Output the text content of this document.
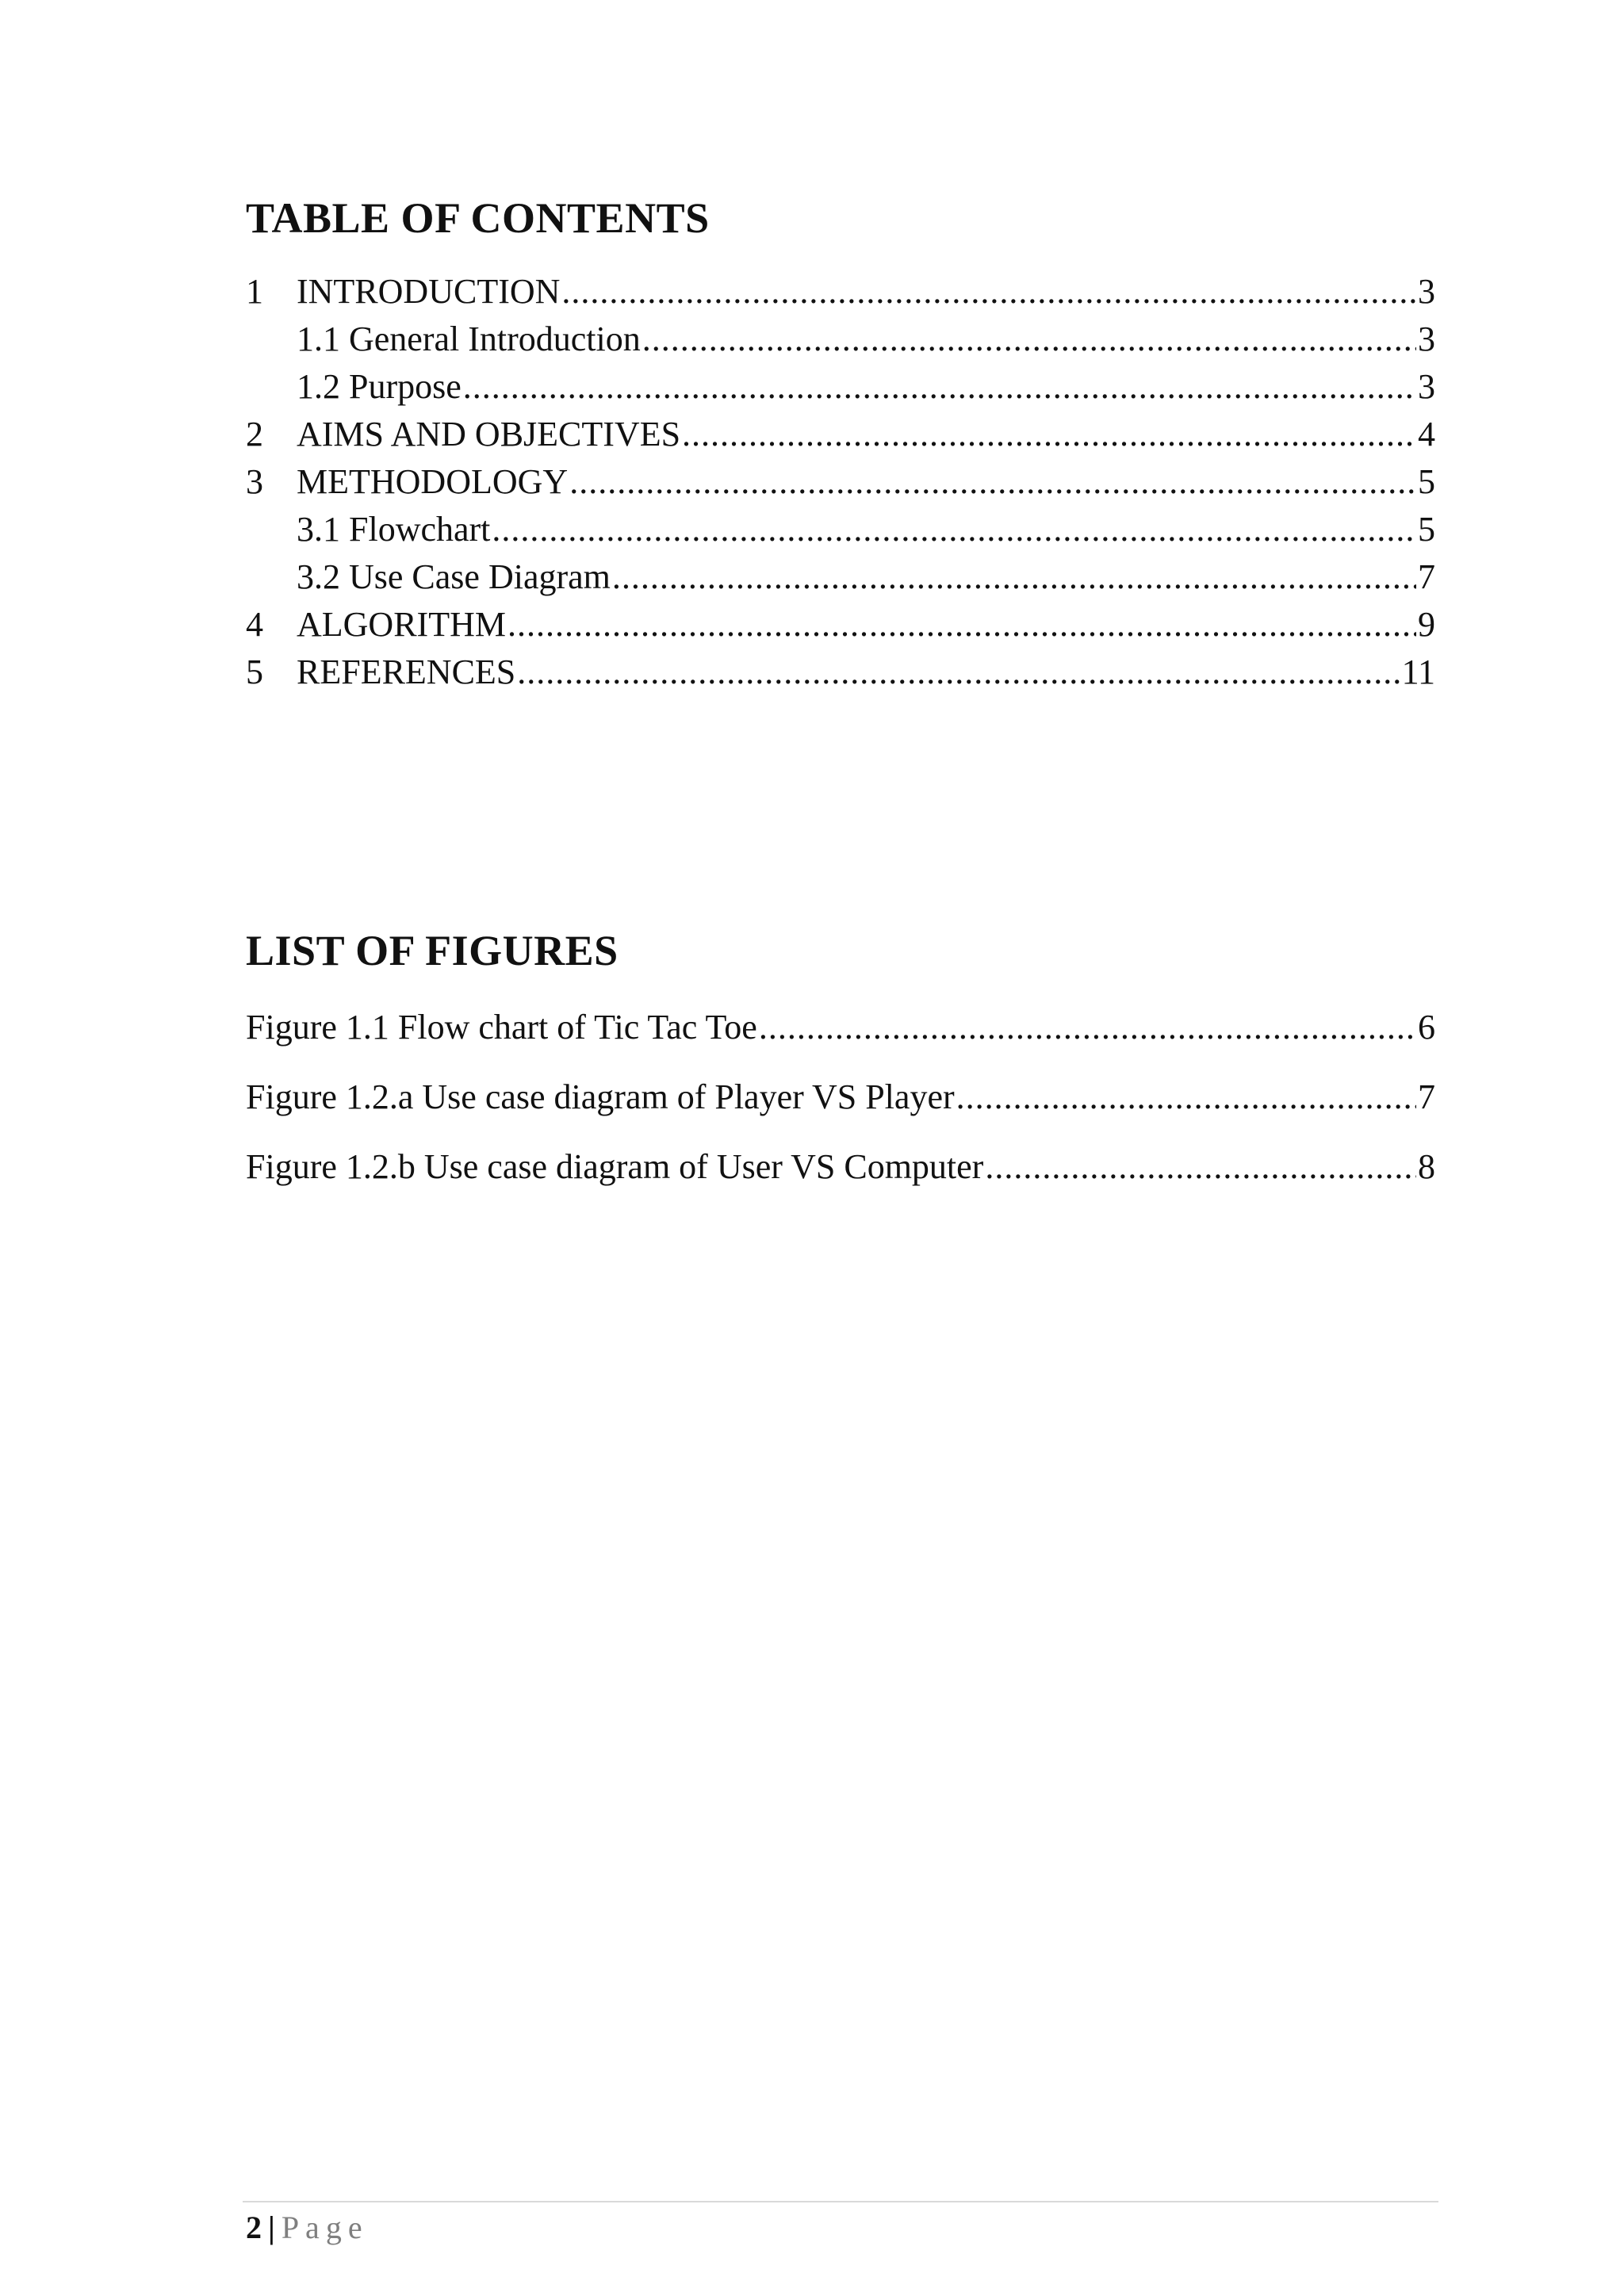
TABLE OF CONTENTS
1 INTRODUCTION .....	3
1.1 General Introduction .....	3
1.2 Purpose .....	3
2 AIMS AND OBJECTIVES .....	4
3 METHODOLOGY .....	5
3.1 Flowchart .....	5
3.2 Use Case Diagram .....	7
4 ALGORITHM .....	9
5 REFERENCES .....	11
LIST OF FIGURES
Figure 1.1 Flow chart of Tic Tac Toe .....	6
Figure 1.2.a Use case diagram of Player VS Player .....	7
Figure 1.2.b Use case diagram of User VS Computer .....	8
2 | Page
